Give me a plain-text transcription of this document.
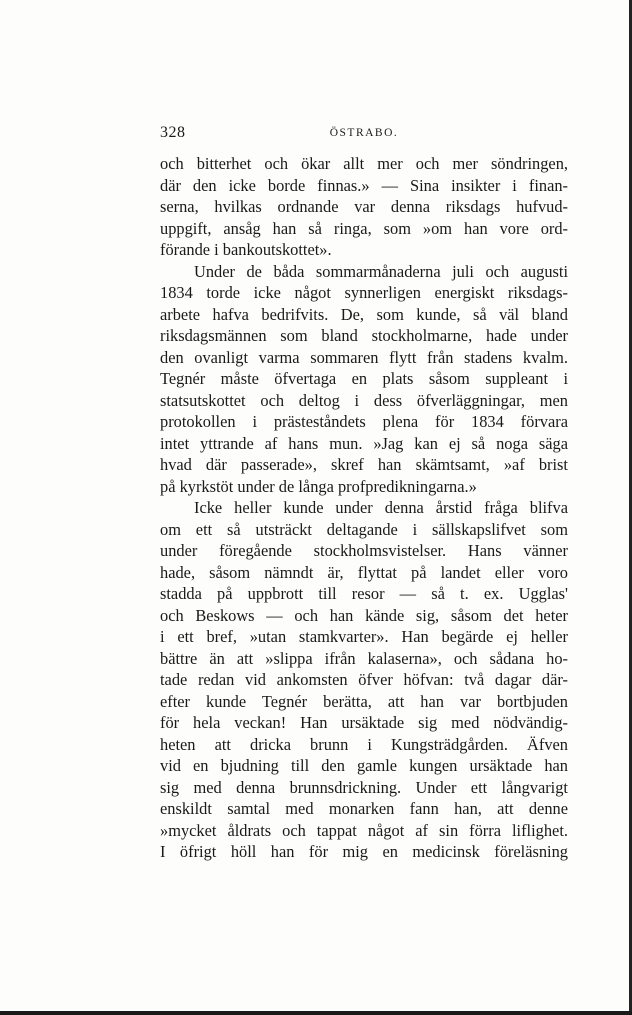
328	ÖSTRABO.
och bitterhet och ökar allt mer och mer söndringen,
där den icke borde finnas.» — Sina insikter i finan-
serna, hvilkas ordnande var denna riksdags hufvud-
uppgift, ansåg han så ringa, som »om han vore ord-
förande i bankoutskottet».
Under de båda sommarmånaderna juli och augusti
1834 torde icke något synnerligen energiskt riksdags-
arbete hafva bedrifvits. De, som kunde, så väl bland
riksdagsmännen som bland stockholmarne, hade under
den ovanligt varma sommaren flytt från stadens kvalm.
Tegnér måste öfvertaga en plats såsom suppleant i
statsutskottet och deltog i dess öfverläggningar, men
protokollen i prästeståndets plena för 1834 förvara
intet yttrande af hans mun. »Jag kan ej så noga säga
hvad där passerade», skref han skämtsamt, »af brist
på kyrkstöt under de långa profpredikningarna.»
Icke heller kunde under denna årstid fråga blifva
om ett så utsträckt deltagande i sällskapslifvet som
under föregående stockholmsvistelser. Hans vänner
hade, såsom nämndt är, flyttat på landet eller voro
stadda på uppbrott till resor — så t. ex. Ugglas'
och Beskows — och han kände sig, såsom det heter
i ett bref, »utan stamkvarter». Han begärde ej heller
bättre än att »slippa ifrån kalaserna», och sådana ho-
tade redan vid ankomsten öfver höfvan: två dagar där-
efter kunde Tegnér berätta, att han var bortbjuden
för hela veckan! Han ursäktade sig med nödvändig-
heten att dricka brunn i Kungsträdgården. Äfven
vid en bjudning till den gamle kungen ursäktade han
sig med denna brunnsdrickning. Under ett långvarigt
enskildt samtal med monarken fann han, att denne
»mycket åldrats och tappat något af sin förra liflighet.
I öfrigt höll han för mig en medicinsk föreläsning
